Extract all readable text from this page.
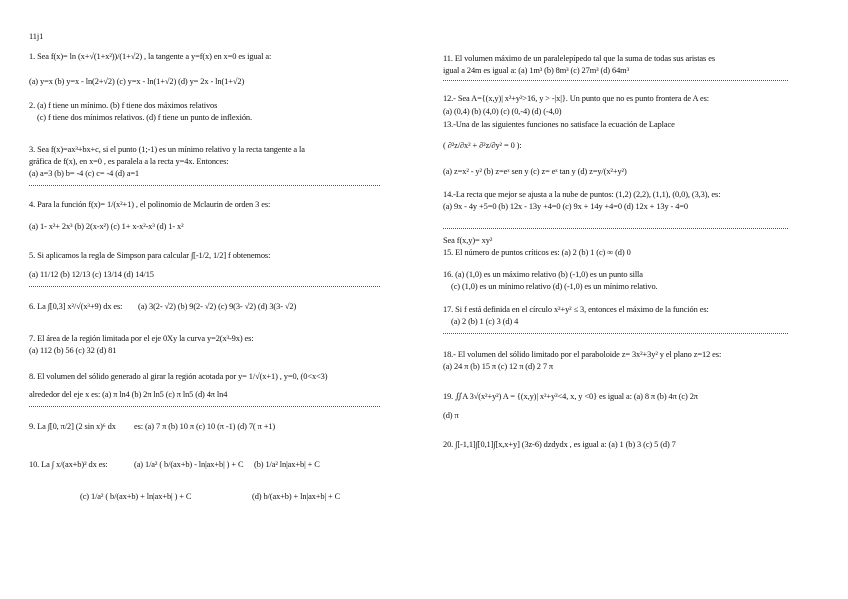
11j1
1. Sea f(x)= ln (x+√(1+x²))/(1+√2) , la tangente a y=f(x) en x=0 es igual a:
(a) y=x (b) y=x - ln(2+√2) (c) y=x - ln(1+√2) (d) y= 2x - ln(1+√2)
2. (a) f tiene un mínimo. (b) f tiene dos máximos relativos
(c) f tiene dos mínimos relativos. (d) f tiene un punto de inflexión.
3. Sea f(x)=ax³+bx+c, si el punto (1;-1) es un mínimo relativo y la recta tangente a la
gráfica de f(x), en x=0 , es paralela a la recta y=4x. Entonces:
(a) a=3 (b) b= -4 (c) c= -4 (d) a=1
4. Para la función f(x)= 1/(x²+1) , el polinomio de Mclaurin de orden 3 es:
(a) 1- x²+ 2x³ (b) 2(x-x²) (c) 1+ x-x²-x³ (d) 1- x²
5. Si aplicamos la regla de Simpson para calcular ∫[-1/2, 1/2] f obtenemos:
(a) 11/12 (b) 12/13 (c) 13/14 (d) 14/15
6. La ∫[0,3] x²/√(x³+9) dx es: (a) 3(2- √2) (b) 9(2- √2) (c) 9(3- √2) (d) 3(3- √2)
7. El área de la región limitada por el eje 0Xy la curva y=2(x³-9x) es:
(a) 112 (b) 56 (c) 32 (d) 81
8. El volumen del sólido generado al girar la región acotada por y= 1/√(x+1) , y=0, (0<x<3)
alrededor del eje x es: (a) π ln4 (b) 2π ln5 (c) π ln5 (d) 4π ln4
9. La ∫[0, π/2] (2 sin x)⁶ dx es: (a) 7 π (b) 10 π (c) 10 (π -1) (d) 7( π +1)
10. La ∫ x/(ax+b)² dx es:	(a) 1/a² ( b/(ax+b) - ln|ax+b| ) + C (b) 1/a² ln|ax+b| + C
(c) 1/a² ( b/(ax+b) + ln|ax+b| ) + C	(d) b/(ax+b) + ln|ax+b| + C
11. El volumen máximo de un paralelepípedo tal que la suma de todas sus aristas es
igual a 24m es igual a: (a) 1m³ (b) 8m³ (c) 27m³ (d) 64m³
12.- Sea A={(x,y)| x²+y²>16, y > -|x|}. Un punto que no es punto frontera de A es:
(a) (0,4) (b) (4,0) (c) (0,-4) (d) (-4,0)
13.-Una de las siguientes funciones no satisface la ecuación de Laplace
( ∂²z/∂x² + ∂²z/∂y² = 0 ):
(a) z=x² - y² (b) z=eˣ sen y (c) z= eˣ tan y (d) z=y/(x²+y²)
14.-La recta que mejor se ajusta a la nube de puntos: (1,2) (2,2), (1,1), (0,0), (3,3), es:
(a) 9x - 4y +5=0 (b) 12x - 13y +4=0 (c) 9x + 14y +4=0 (d) 12x + 13y - 4=0
Sea f(x,y)= xy²
15. El número de puntos críticos es: (a) 2 (b) 1 (c) ∞ (d) 0
16. (a) (1,0) es un máximo relativo (b) (-1,0) es un punto silla
(c) (1,0) es un mínimo relativo (d) (-1,0) es un mínimo relativo.
17. Si f está definida en el círculo x²+y² ≤ 3, entonces el máximo de la función es:
(a) 2 (b) 1 (c) 3 (d) 4
18.- El volumen del sólido limitado por el paraboloide z= 3x²+3y² y el plano z=12 es:
(a) 24 π (b) 15 π (c) 12 π (d) 2 7 π
19. ∬A 3√(x²+y²) A = {(x,y)| x²+y²<4, x, y <0} es igual a: (a) 8 π (b) 4π (c) 2π
(d) π
20. ∫[-1,1]∫[0,1]∫[x,x+y] (3z-6) dzdydx , es igual a: (a) 1 (b) 3 (c) 5 (d) 7
